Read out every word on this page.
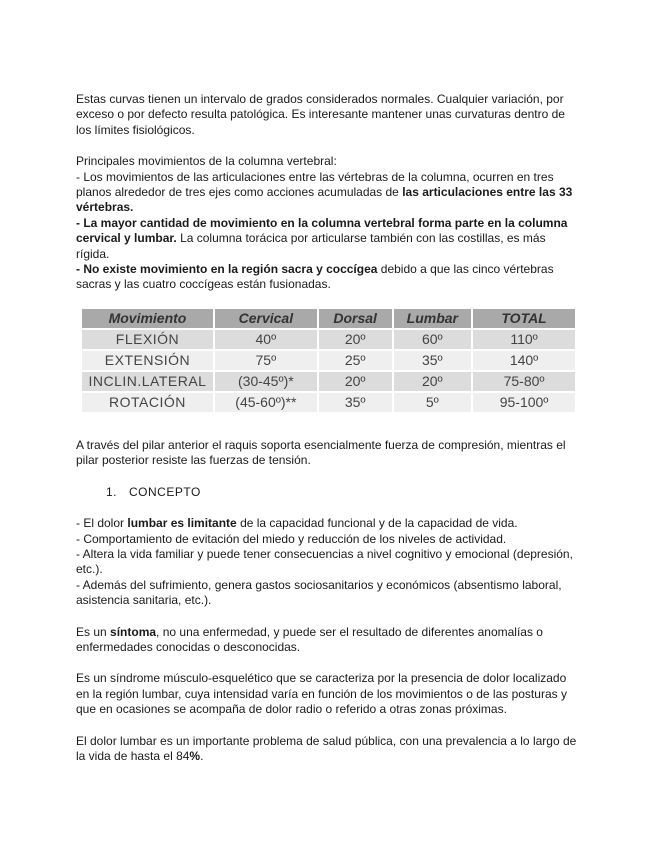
Estas curvas tienen un intervalo de grados considerados normales. Cualquier variación, por exceso o por defecto resulta patológica. Es interesante mantener unas curvaturas dentro de los límites fisiológicos.

Principales movimientos de la columna vertebral:
- Los movimientos de las articulaciones entre las vértebras de la columna, ocurren en tres planos alrededor de tres ejes como acciones acumuladas de las articulaciones entre las 33 vértebras.
- La mayor cantidad de movimiento en la columna vertebral forma parte en la columna cervical y lumbar. La columna torácica por articularse también con las costillas, es más rígida.
- No existe movimiento en la región sacra y coccígea debido a que las cinco vértebras sacras y las cuatro coccígeas están fusionadas.

Movimiento	Cervical	Dorsal	Lumbar	TOTAL
FLEXIÓN	40º	20º	60º	110º
EXTENSIÓN	75º	25º	35º	140º
INCLIN.LATERAL	(30-45º)*	20º	20º	75-80º
ROTACIÓN	(45-60º)**	35º	5º	95-100º

A través del pilar anterior el raquis soporta esencialmente fuerza de compresión, mientras el pilar posterior resiste las fuerzas de tensión.

1. CONCEPTO

- El dolor lumbar es limitante de la capacidad funcional y de la capacidad de vida.
- Comportamiento de evitación del miedo y reducción de los niveles de actividad.
- Altera la vida familiar y puede tener consecuencias a nivel cognitivo y emocional (depresión, etc.).
- Además del sufrimiento, genera gastos sociosanitarios y económicos (absentismo laboral, asistencia sanitaria, etc.).

Es un síntoma, no una enfermedad, y puede ser el resultado de diferentes anomalías o enfermedades conocidas o desconocidas.

Es un síndrome músculo-esquelético que se caracteriza por la presencia de dolor localizado en la región lumbar, cuya intensidad varía en función de los movimientos o de las posturas y que en ocasiones se acompaña de dolor radio o referido a otras zonas próximas.

El dolor lumbar es un importante problema de salud pública, con una prevalencia a lo largo de la vida de hasta el 84%.
